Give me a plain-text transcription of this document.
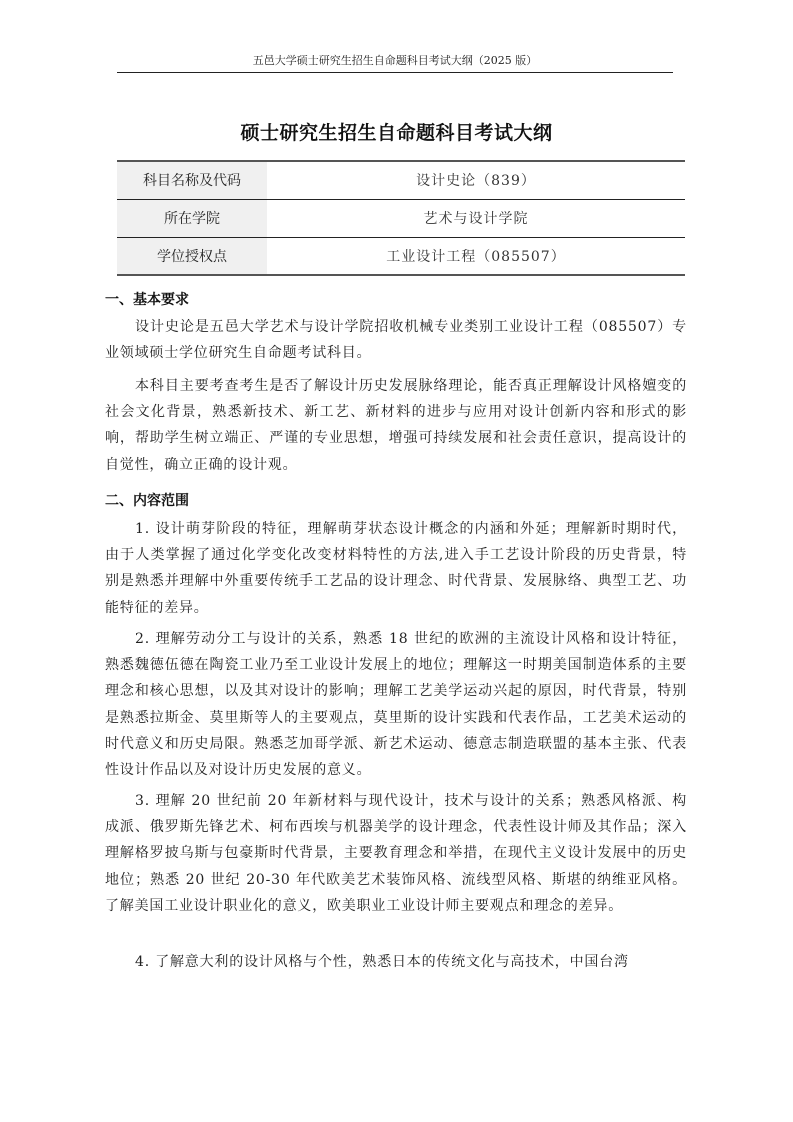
五邑大学硕士研究生招生自命题科目考试大纲（2025 版）
硕士研究生招生自命题科目考试大纲
科目名称及代码	设计史论（839）
所在学院	艺术与设计学院
学位授权点	工业设计工程（085507）
一、基本要求

设计史论是五邑大学艺术与设计学院招收机械专业类别工业设计工程（085507）专业领域硕士学位研究生自命题考试科目。

本科目主要考查考生是否了解设计历史发展脉络理论，能否真正理解设计风格嬗变的社会文化背景，熟悉新技术、新工艺、新材料的进步与应用对设计创新内容和形式的影响，帮助学生树立端正、严谨的专业思想，增强可持续发展和社会责任意识，提高设计的自觉性，确立正确的设计观。

二、内容范围

1. 设计萌芽阶段的特征，理解萌芽状态设计概念的内涵和外延；理解新时期时代，由于人类掌握了通过化学变化改变材料特性的方法,进入手工艺设计阶段的历史背景，特别是熟悉并理解中外重要传统手工艺品的设计理念、时代背景、发展脉络、典型工艺、功能特征的差异。

2. 理解劳动分工与设计的关系，熟悉 18 世纪的欧洲的主流设计风格和设计特征，熟悉魏德伍德在陶瓷工业乃至工业设计发展上的地位；理解这一时期美国制造体系的主要理念和核心思想，以及其对设计的影响；理解工艺美学运动兴起的原因，时代背景，特别是熟悉拉斯金、莫里斯等人的主要观点，莫里斯的设计实践和代表作品，工艺美术运动的时代意义和历史局限。熟悉芝加哥学派、新艺术运动、德意志制造联盟的基本主张、代表性设计作品以及对设计历史发展的意义。

3. 理解 20 世纪前 20 年新材料与现代设计，技术与设计的关系；熟悉风格派、构成派、俄罗斯先锋艺术、柯布西埃与机器美学的设计理念，代表性设计师及其作品；深入理解格罗披乌斯与包豪斯时代背景，主要教育理念和举措，在现代主义设计发展中的历史地位；熟悉 20 世纪 20-30 年代欧美艺术装饰风格、流线型风格、斯堪的纳维亚风格。了解美国工业设计职业化的意义，欧美职业工业设计师主要观点和理念的差异。

4. 了解意大利的设计风格与个性，熟悉日本的传统文化与高技术，中国台湾
